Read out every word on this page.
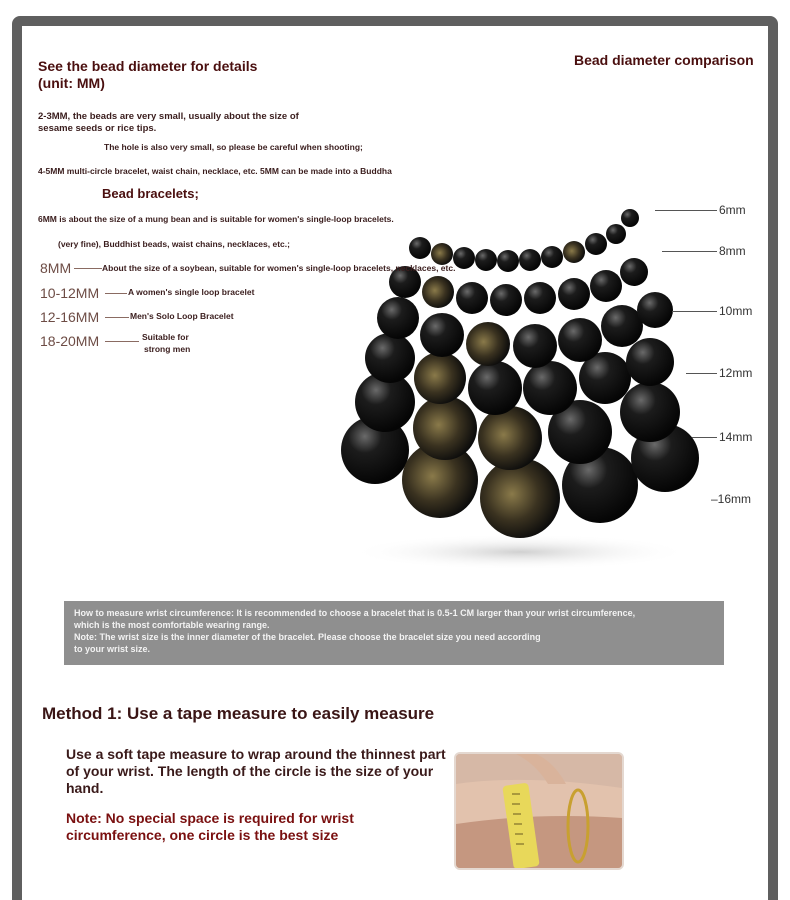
See the bead diameter for details
(unit: MM)
Bead diameter comparison
2-3MM, the beads are very small, usually about the size of
sesame seeds or rice tips.
The hole is also very small, so please be careful when shooting;
4-5MM multi-circle bracelet, waist chain, necklace, etc. 5MM can be made into a Buddha
Bead bracelets;
6MM is about the size of a mung bean and is suitable for women's single-loop bracelets.
(very fine), Buddhist beads, waist chains, necklaces, etc.;
8MM	About the size of a soybean, suitable for women's single-loop bracelets, necklaces, etc.
10-12MM	A women's single loop bracelet
12-16MM	Men's Solo Loop Bracelet
18-20MM	Suitable for
strong men
6mm
8mm
10mm
12mm
14mm
–16mm
How to measure wrist circumference: It is recommended to choose a bracelet that is 0.5-1 CM larger than your wrist circumference,
which is the most comfortable wearing range.
Note: The wrist size is the inner diameter of the bracelet. Please choose the bracelet size you need according
to your wrist size.
Method 1: Use a tape measure to easily measure
Use a soft tape measure to wrap around the thinnest part of your wrist. The length of the circle is the size of your hand.
Note: No special space is required for wrist circumference, one circle is the best size
